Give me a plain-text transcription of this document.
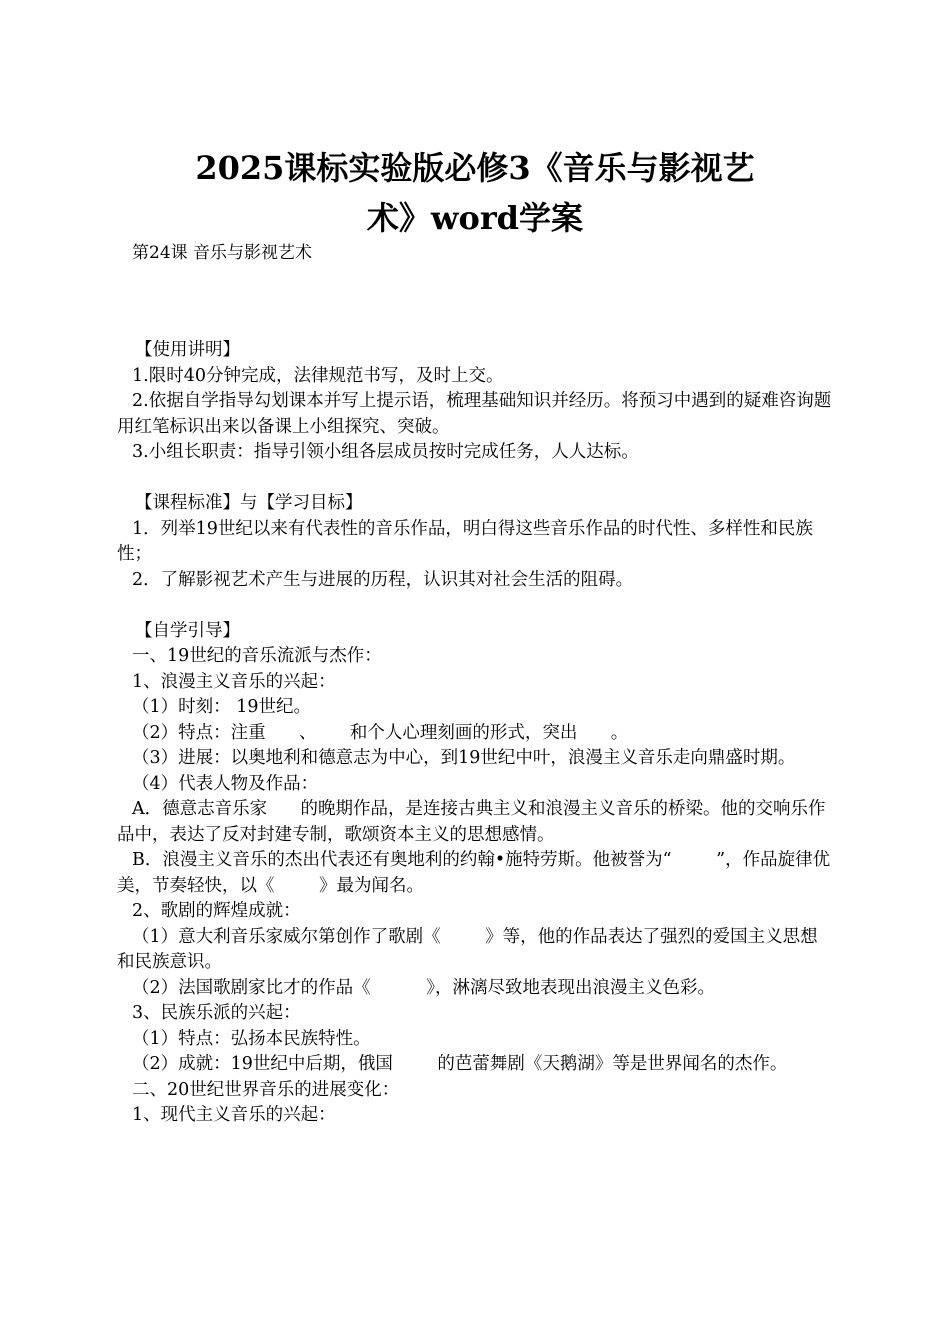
2025课标实验版必修3《音乐与影视艺
术》word学案
第24课 音乐与影视艺术

【使用讲明】

1.限时40分钟完成，法律规范书写，及时上交。

2.依据自学指导勾划课本并写上提示语，梳理基础知识并经历。将预习中遇到的疑难咨询题用红笔标识出来以备课上小组探究、突破。

3.小组长职责：指导引领小组各层成员按时完成任务，人人达标。

【课程标准】与【学习目标】

1．列举19世纪以来有代表性的音乐作品，明白得这些音乐作品的时代性、多样性和民族性；

2．了解影视艺术产生与进展的历程，认识其对社会生活的阻碍。

【自学引导】

一、19世纪的音乐流派与杰作：

1、浪漫主义音乐的兴起：

（1）时刻： 19世纪。

（2）特点：注重      、      和个人心理刻画的形式，突出      。

（3）进展：以奥地利和德意志为中心，到19世纪中叶，浪漫主义音乐走向鼎盛时期。

（4）代表人物及作品：

A．德意志音乐家      的晚期作品，是连接古典主义和浪漫主义音乐的桥梁。他的交响乐作品中，表达了反对封建专制，歌颂资本主义的思想感情。

B．浪漫主义音乐的杰出代表还有奥地利的约翰•施特劳斯。他被誉为“        ”，作品旋律优美，节奏轻快，以《        》最为闻名。

2、歌剧的辉煌成就：

（1）意大利音乐家威尔第创作了歌剧《        》等，他的作品表达了强烈的爱国主义思想和民族意识。

（2）法国歌剧家比才的作品《          》，淋漓尽致地表现出浪漫主义色彩。

3、民族乐派的兴起：

（1）特点：弘扬本民族特性。

（2）成就：19世纪中后期，俄国        的芭蕾舞剧《天鹅湖》等是世界闻名的杰作。

二、20世纪世界音乐的进展变化：

1、现代主义音乐的兴起：
